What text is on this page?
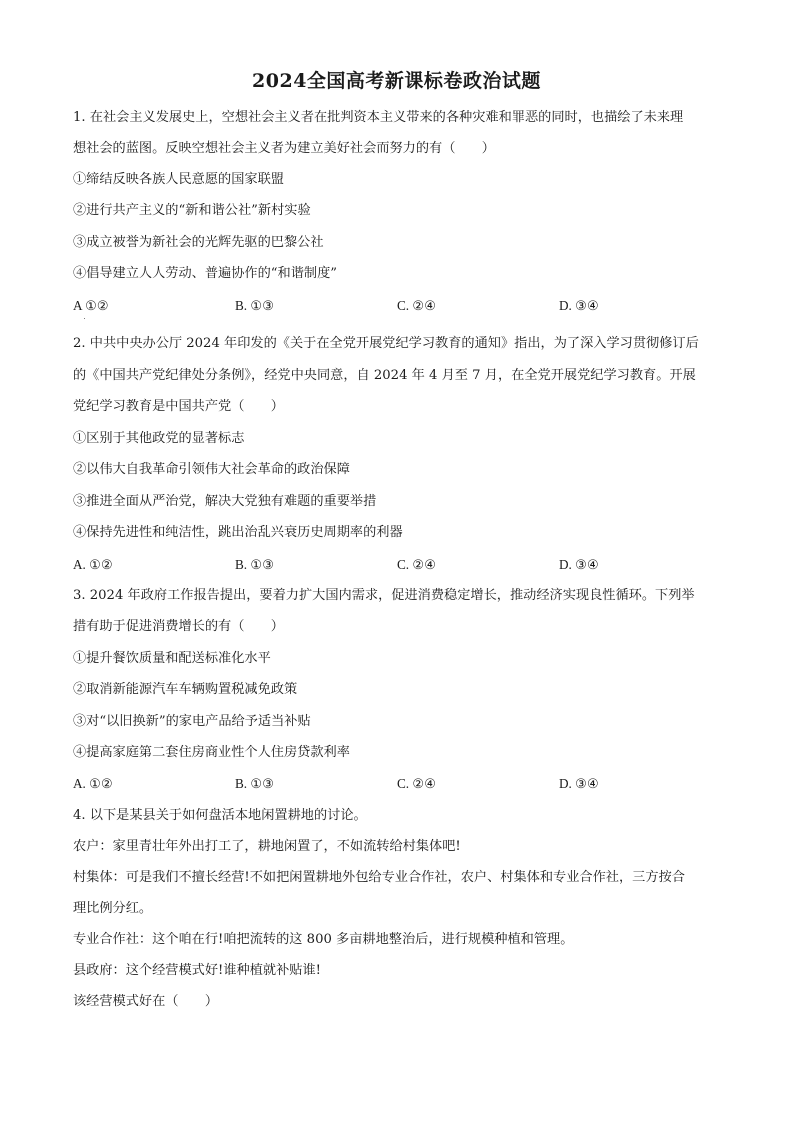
2024全国高考新课标卷政治试题
1. 在社会主义发展史上，空想社会主义者在批判资本主义带来的各种灾难和罪恶的同时，也描绘了未来理
想社会的蓝图。反映空想社会主义者为建立美好社会而努力的有（　　）
①缔结反映各族人民意愿的国家联盟
②进行共产主义的“新和谐公社”新村实验
③成立被誉为新社会的光辉先驱的巴黎公社
④倡导建立人人劳动、普遍协作的“和谐制度”
A ①②	B. ①③	C. ②④	D. ③④
2. 中共中央办公厅 2024 年印发的《关于在全党开展党纪学习教育的通知》指出，为了深入学习贯彻修订后
的《中国共产党纪律处分条例》，经党中央同意，自 2024 年 4 月至 7 月，在全党开展党纪学习教育。开展
党纪学习教育是中国共产党（　　）
①区别于其他政党的显著标志
②以伟大自我革命引领伟大社会革命的政治保障
③推进全面从严治党，解决大党独有难题的重要举措
④保持先进性和纯洁性，跳出治乱兴衰历史周期率的利器
A. ①②	B. ①③	C. ②④	D. ③④
3. 2024 年政府工作报告提出，要着力扩大国内需求，促进消费稳定增长，推动经济实现良性循环。下列举
措有助于促进消费增长的有（　　）
①提升餐饮质量和配送标准化水平
②取消新能源汽车车辆购置税减免政策
③对“以旧换新”的家电产品给予适当补贴
④提高家庭第二套住房商业性个人住房贷款利率
A. ①②	B. ①③	C. ②④	D. ③④
4. 以下是某县关于如何盘活本地闲置耕地的讨论。
农户：家里青壮年外出打工了，耕地闲置了，不如流转给村集体吧!
村集体：可是我们不擅长经营!不如把闲置耕地外包给专业合作社，农户、村集体和专业合作社，三方按合
理比例分红。
专业合作社：这个咱在行!咱把流转的这 800 多亩耕地整治后，进行规模种植和管理。
县政府：这个经营模式好!谁种植就补贴谁!
该经营模式好在（　　）
